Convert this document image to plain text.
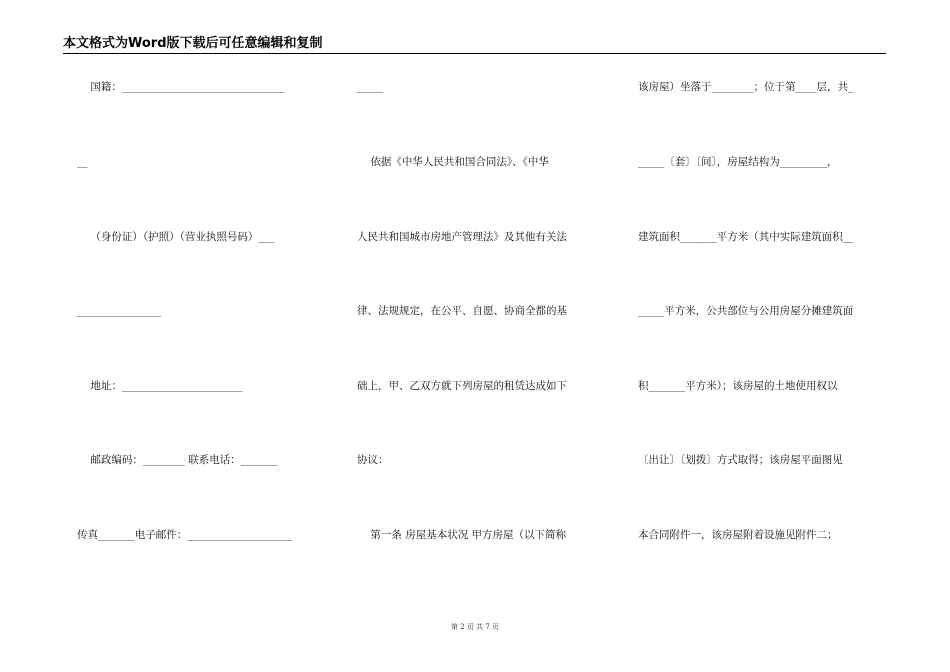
本文格式为Word版下载后可任意编辑和复制
国籍：_______________________________
__
（身份证）（护照）（营业执照号码）___
________________
地址：_______________________
邮政编码：________ 联系电话：_______
传真_______电子邮件：____________________
_____
依据《中华人民共和国合同法》、《中华
人民共和国城市房地产管理法》及其他有关法
律、法规规定，在公平、自愿、协商全都的基
础上，甲、乙双方就下列房屋的租赁达成如下
协议：
第一条 房屋基本状况 甲方房屋（以下简称
该房屋）坐落于________；位于第____层，共_
_____〔套〕〔间〕，房屋结构为_________，
建筑面积_______平方米（其中实际建筑面积__
_____平方米，公共部位与公用房屋分摊建筑面
积_______平方米）；该房屋的土地使用权以
〔出让〕〔划拨〕方式取得；该房屋平面图见
本合同附件一，该房屋附着设施见附件二；
第 2 页 共 7 页
